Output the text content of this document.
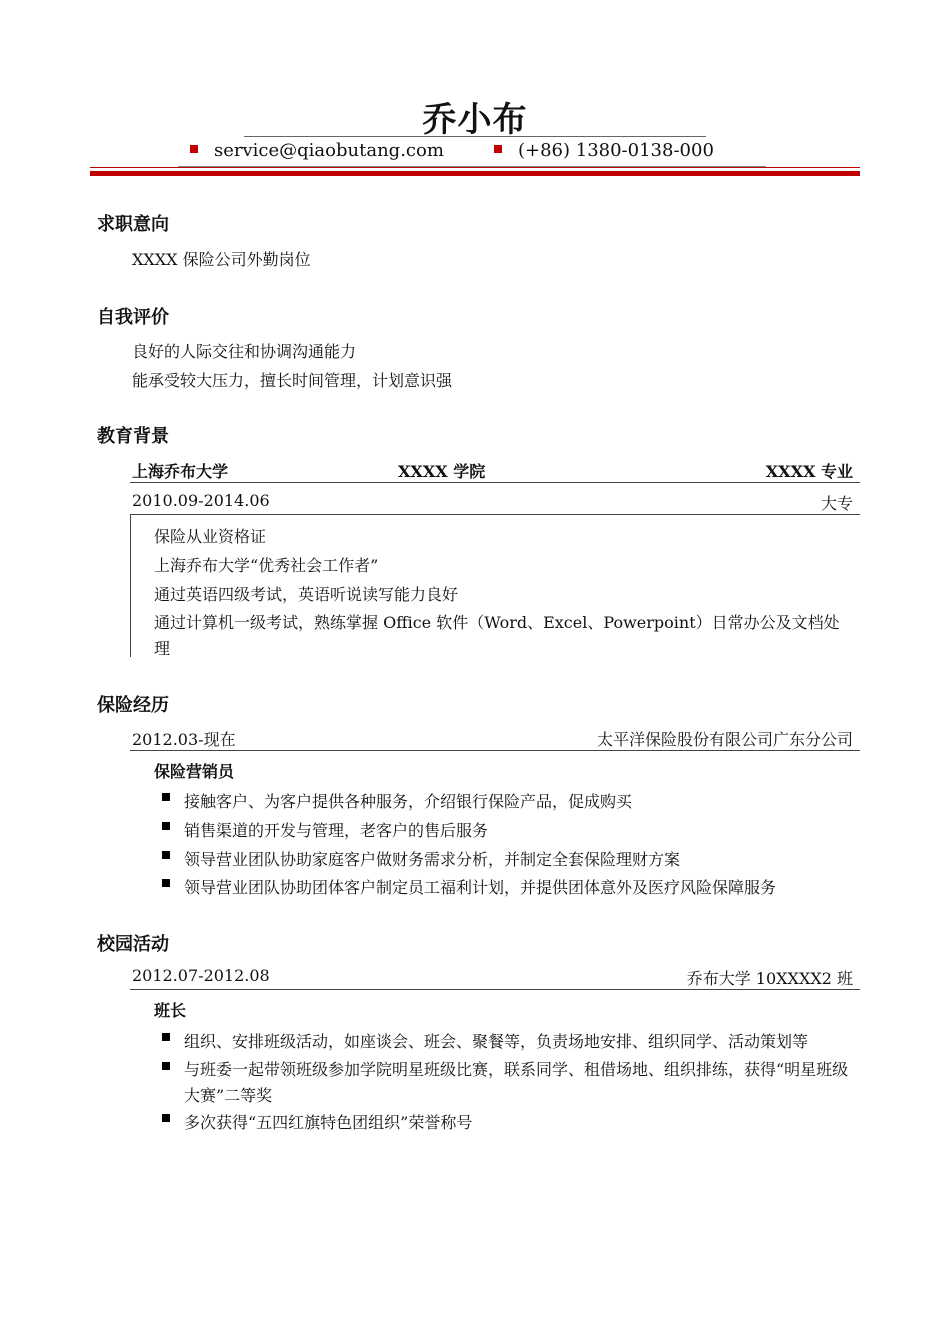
乔小布
service@qiaobutang.com	(+86) 1380-0138-000
求职意向
XXXX 保险公司外勤岗位
自我评价
良好的人际交往和协调沟通能力
能承受较大压力，擅长时间管理，计划意识强
教育背景
上海乔布大学	XXXX 学院	XXXX 专业
2010.09-2014.06	大专
保险从业资格证
上海乔布大学“优秀社会工作者”
通过英语四级考试，英语听说读写能力良好
通过计算机一级考试，熟练掌握 Office 软件（Word、Excel、Powerpoint）日常办公及文档处理
保险经历
2012.03-现在	太平洋保险股份有限公司广东分公司
保险营销员
接触客户、为客户提供各种服务，介绍银行保险产品，促成购买
销售渠道的开发与管理，老客户的售后服务
领导营业团队协助家庭客户做财务需求分析，并制定全套保险理财方案
领导营业团队协助团体客户制定员工福利计划，并提供团体意外及医疗风险保障服务
校园活动
2012.07-2012.08	乔布大学 10XXXX2 班
班长
组织、安排班级活动，如座谈会、班会、聚餐等，负责场地安排、组织同学、活动策划等
与班委一起带领班级参加学院明星班级比赛，联系同学、租借场地、组织排练，获得“明星班级大赛”二等奖
多次获得“五四红旗特色团组织”荣誉称号
